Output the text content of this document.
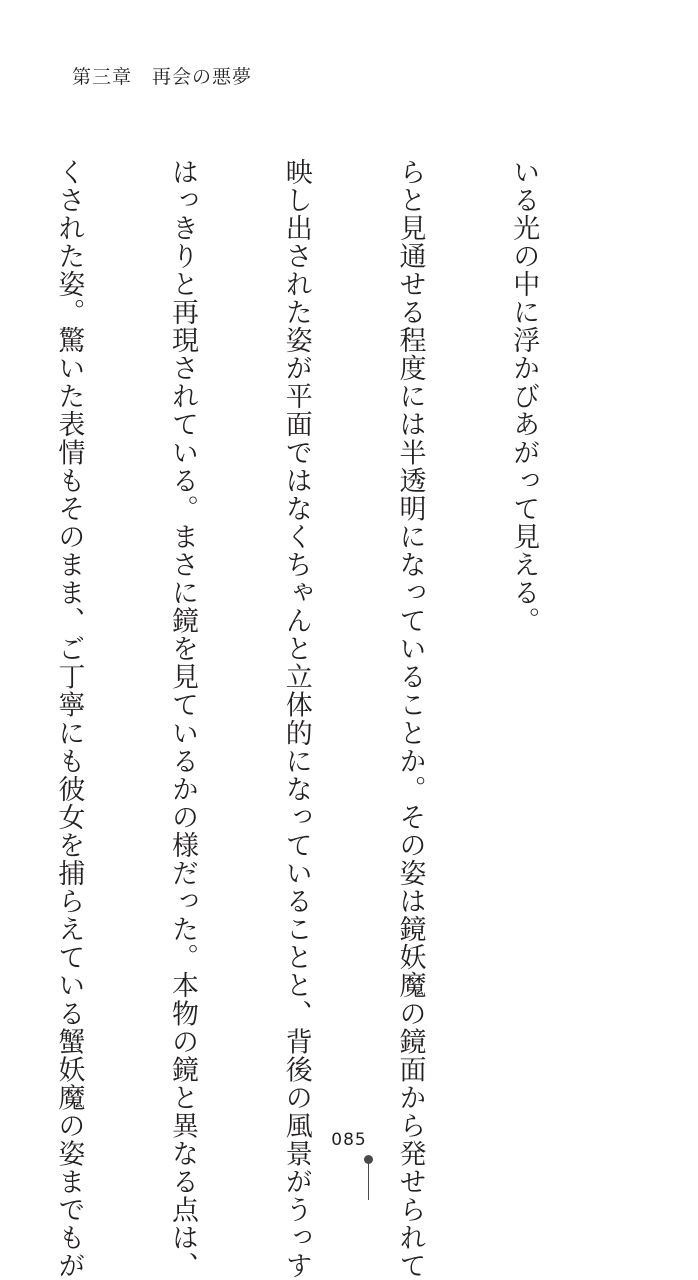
第三章　再会の悪夢

いる光の中に浮かびあがって見える。

らと見通せる程度には半透明になっていることか。その姿は鏡妖魔の鏡面から発せられて

映し出された姿が平面ではなくちゃんと立体的になっていることと、背後の風景がうっす

はっきりと再現されている。まさに鏡を見ているかの様だった。本物の鏡と異なる点は、

くされた姿。驚いた表情もそのまま、ご丁寧にも彼女を捕らえている蟹妖魔の姿までもが

	085
